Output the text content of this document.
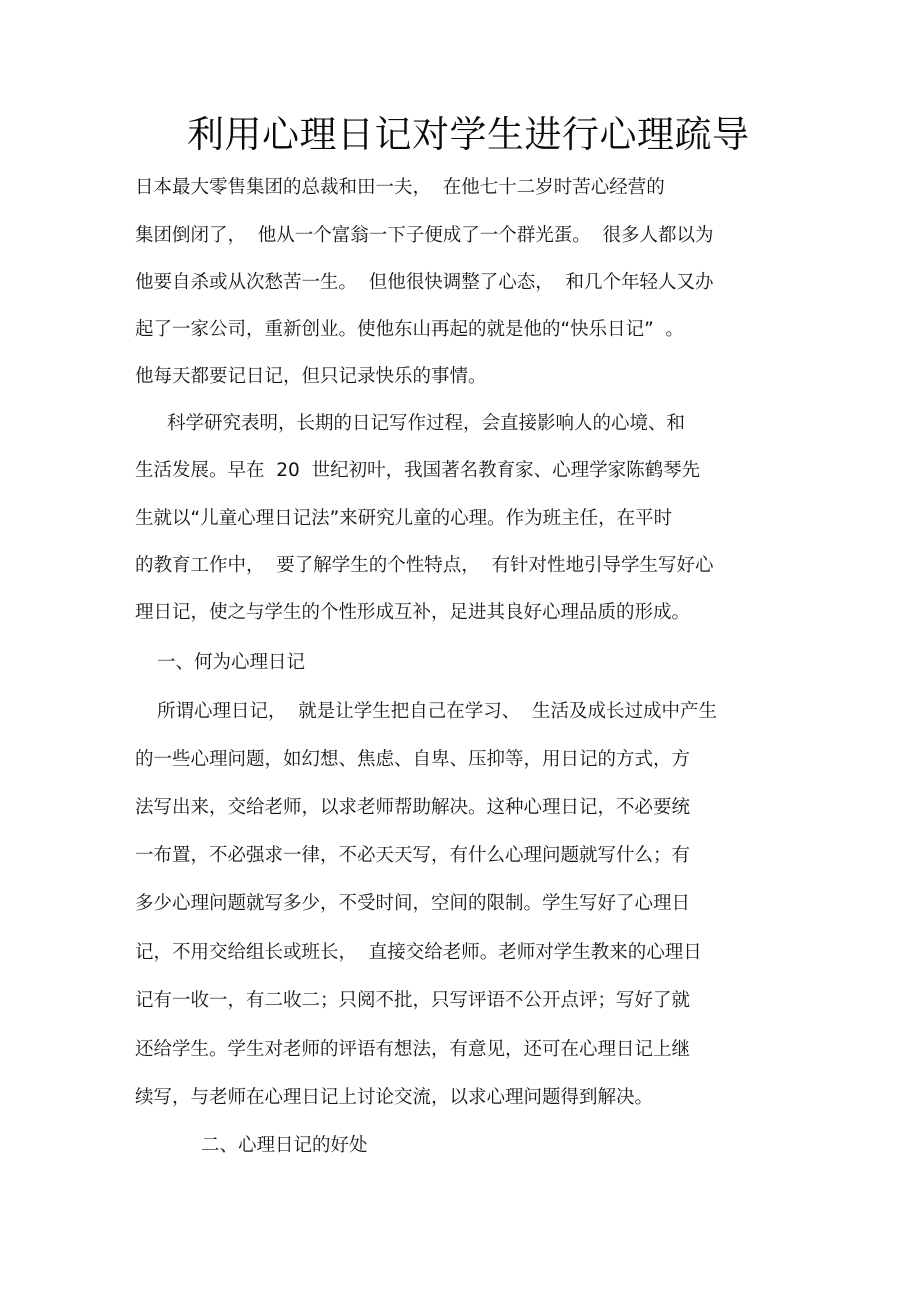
利用心理日记对学生进行心理疏导
日本最大零售集团的总裁和田一夫，  在他七十二岁时苦心经营的
集团倒闭了，  他从一个富翁一下子便成了一个群光蛋。  很多人都以为
他要自杀或从次愁苦一生。  但他很快调整了心态，  和几个年轻人又办
起了一家公司，重新创业。使他东山再起的就是他的“快乐日记”  。
他每天都要记日记，但只记录快乐的事情。
科学研究表明，长期的日记写作过程，会直接影响人的心境、和
生活发展。早在  20  世纪初叶，我国著名教育家、心理学家陈鹤琴先
生就以“儿童心理日记法”来研究儿童的心理。作为班主任，在平时
的教育工作中，  要了解学生的个性特点，  有针对性地引导学生写好心
理日记，使之与学生的个性形成互补，足进其良好心理品质的形成。
一、何为心理日记
所谓心理日记，  就是让学生把自己在学习、  生活及成长过成中产生
的一些心理问题，如幻想、焦虑、自卑、压抑等，用日记的方式，方
法写出来，交给老师，以求老师帮助解决。这种心理日记，不必要统
一布置，不必强求一律，不必天天写，有什么心理问题就写什么；有
多少心理问题就写多少，不受时间，空间的限制。学生写好了心理日
记，不用交给组长或班长，  直接交给老师。老师对学生教来的心理日
记有一收一，有二收二；只阅不批，只写评语不公开点评；写好了就
还给学生。学生对老师的评语有想法，有意见，还可在心理日记上继
续写，与老师在心理日记上讨论交流，以求心理问题得到解决。
二、心理日记的好处
